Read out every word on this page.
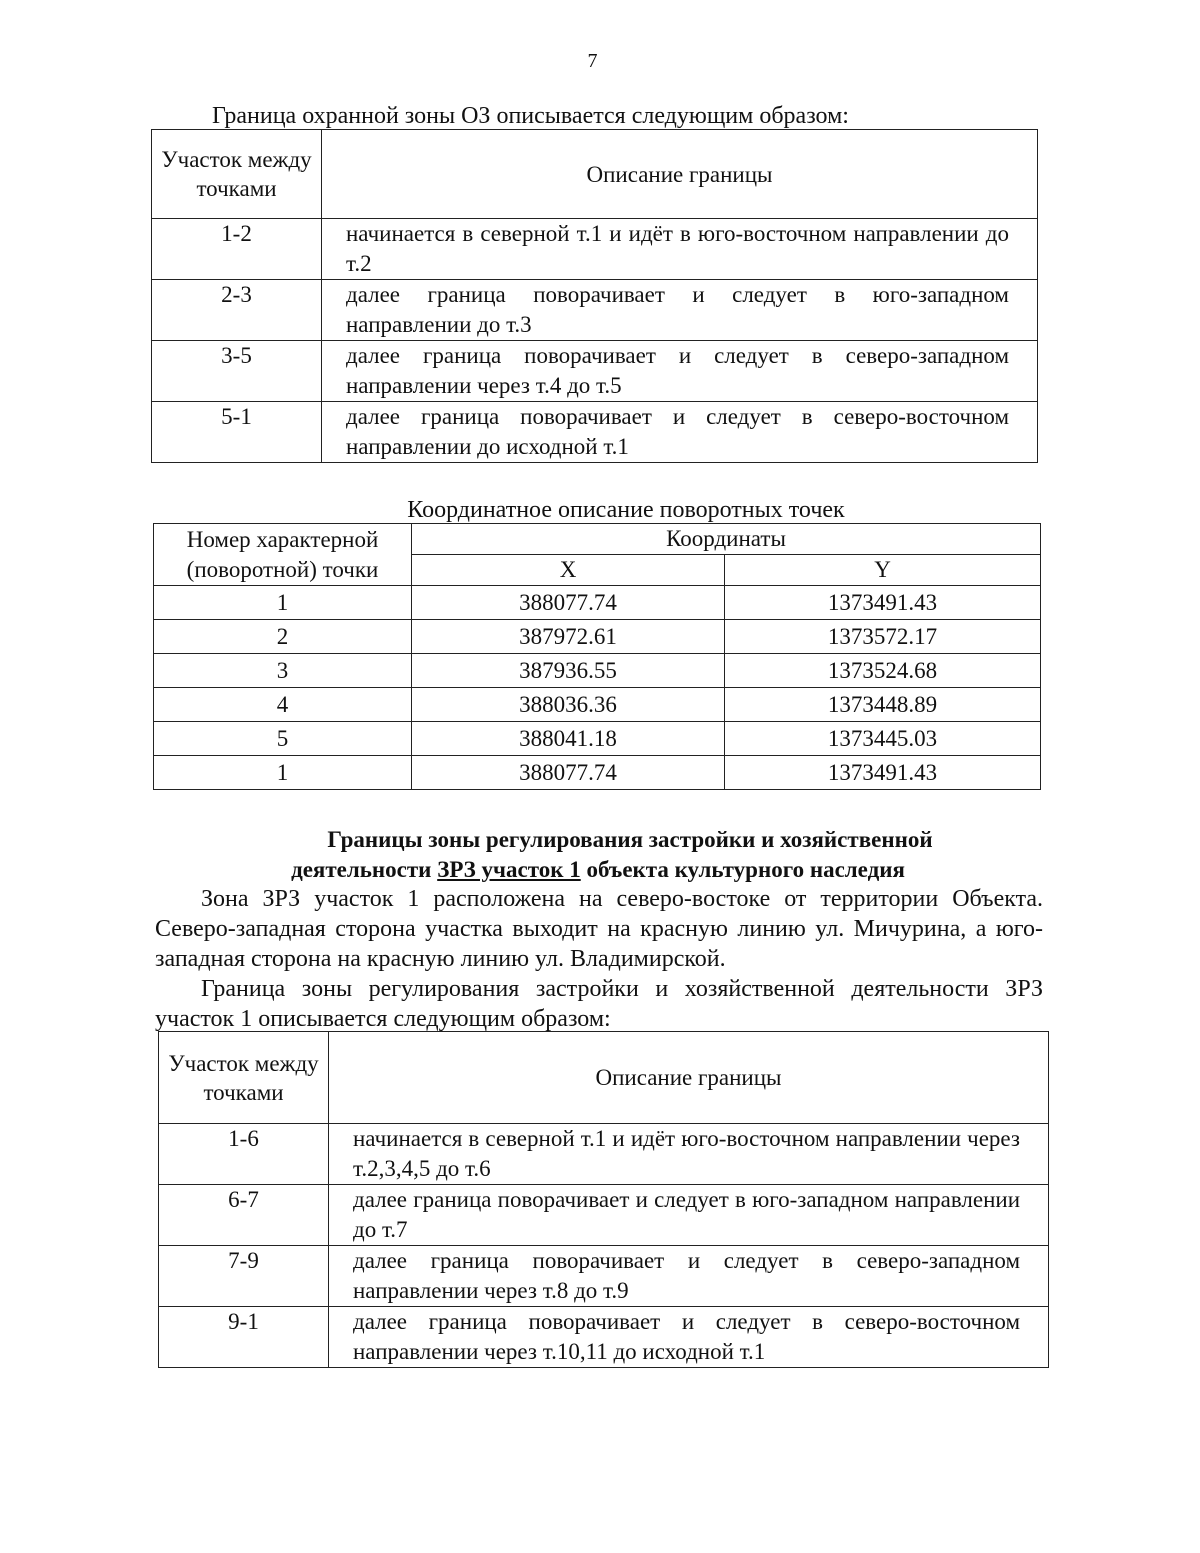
7
Граница охранной зоны ОЗ описывается следующим образом:
Участок между точками	Описание границы
1-2	начинается в северной т.1 и идёт в юго-восточном направлении до т.2
2-3	далее граница поворачивает и следует в юго-западном направлении до т.3
3-5	далее граница поворачивает и следует в северо-западном направлении через т.4 до т.5
5-1	далее граница поворачивает и следует в северо-восточном направлении до исходной т.1
Координатное описание поворотных точек
Номер характерной (поворотной) точки	Координаты	
	X	Y
1	388077.74	1373491.43
2	387972.61	1373572.17
3	387936.55	1373524.68
4	388036.36	1373448.89
5	388041.18	1373445.03
1	388077.74	1373491.43
Границы зоны регулирования застройки и хозяйственной
деятельности ЗРЗ участок 1 объекта культурного наследия
Зона ЗРЗ участок 1 расположена на северо-востоке от территории Объекта. Северо-западная сторона участка выходит на красную линию ул. Мичурина, а юго-западная сторона на красную линию ул. Владимирской.
Граница зоны регулирования застройки и хозяйственной деятельности ЗРЗ участок 1 описывается следующим образом:
Участок между точками	Описание границы
1-6	начинается в северной т.1 и идёт юго-восточном направлении через т.2,3,4,5 до т.6
6-7	далее граница поворачивает и следует в юго-западном направлении до т.7
7-9	далее граница поворачивает и следует в северо-западном направлении через т.8 до т.9
9-1	далее граница поворачивает и следует в северо-восточном направлении через т.10,11 до исходной т.1
